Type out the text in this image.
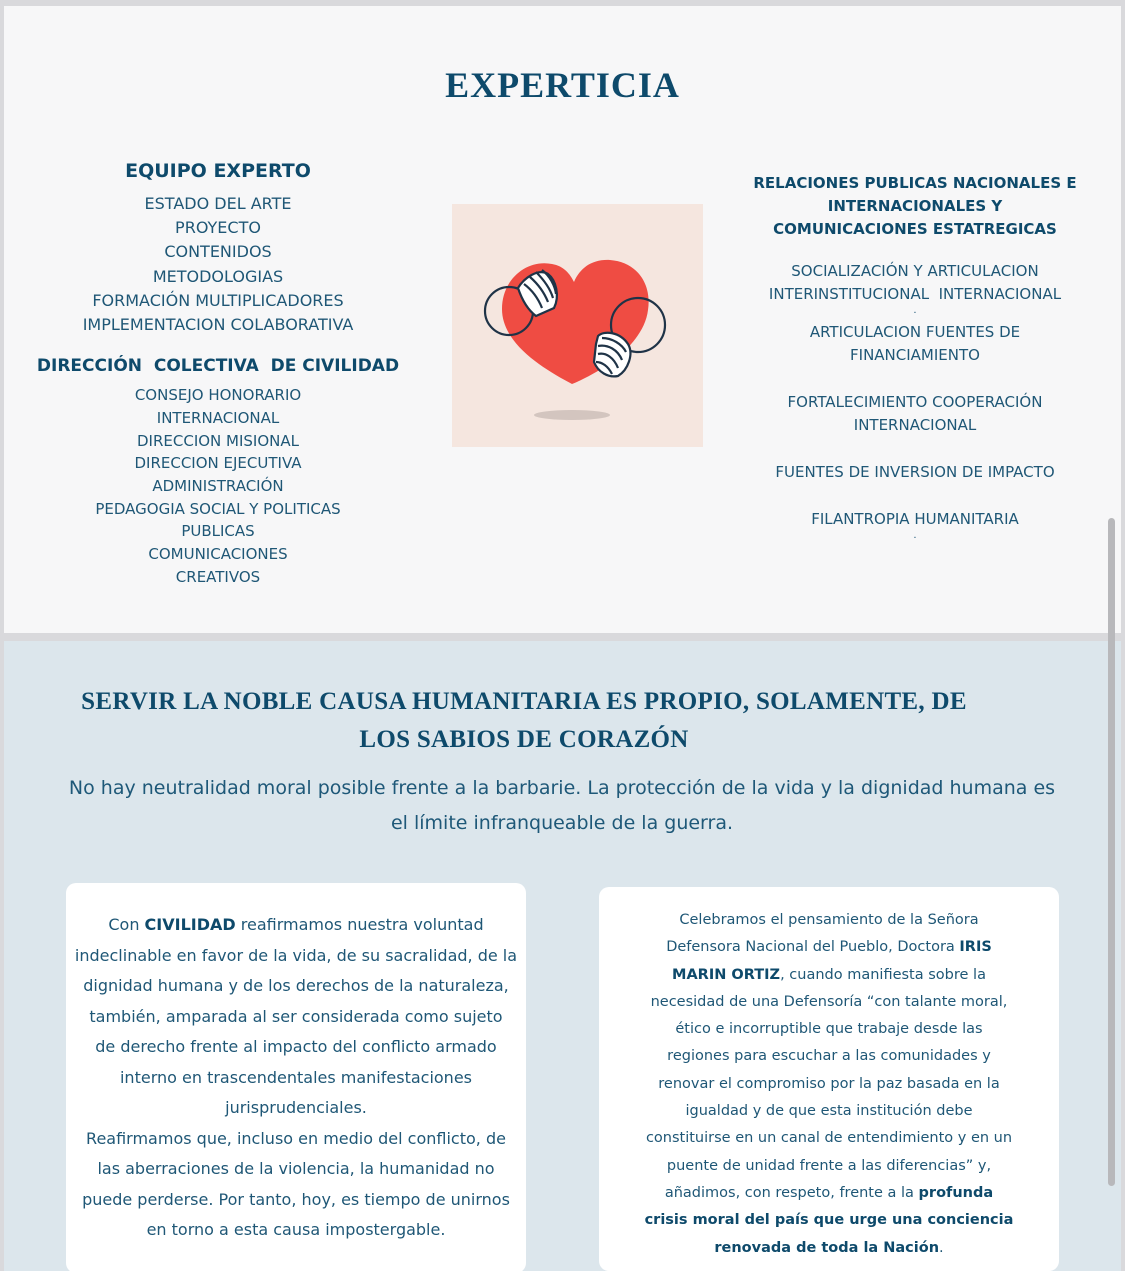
EXPERTICIA
EQUIPO EXPERTO
ESTADO DEL ARTE
PROYECTO
CONTENIDOS
METODOLOGIAS
FORMACIÓN MULTIPLICADORES
IMPLEMENTACION COLABORATIVA
DIRECCIÓN  COLECTIVA  DE CIVILIDAD
CONSEJO HONORARIO
INTERNACIONAL
DIRECCION MISIONAL
DIRECCION EJECUTIVA
ADMINISTRACIÓN
PEDAGOGIA SOCIAL Y POLITICAS
PUBLICAS
COMUNICACIONES
CREATIVOS
RELACIONES PUBLICAS NACIONALES E
INTERNACIONALES Y
COMUNICACIONES ESTATREGICAS
SOCIALIZACIÓN Y ARTICULACION
INTERINSTITUCIONAL  INTERNACIONAL
.
ARTICULACION FUENTES DE
FINANCIAMIENTO
FORTALECIMIENTO COOPERACIÓN
INTERNACIONAL
FUENTES DE INVERSION DE IMPACTO
FILANTROPIA HUMANITARIA
.
SERVIR LA NOBLE CAUSA HUMANITARIA ES PROPIO, SOLAMENTE, DE
LOS SABIOS DE CORAZÓN
No hay neutralidad moral posible frente a la barbarie. La protección de la vida y la dignidad humana es
el límite infranqueable de la guerra.
Con CIVILIDAD reafirmamos nuestra voluntad
indeclinable en favor de la vida, de su sacralidad, de la
dignidad humana y de los derechos de la naturaleza,
también, amparada al ser considerada como sujeto
de derecho frente al impacto del conflicto armado
interno en trascendentales manifestaciones
jurisprudenciales.
Reafirmamos que, incluso en medio del conflicto, de
las aberraciones de la violencia, la humanidad no
puede perderse. Por tanto, hoy, es tiempo de unirnos
en torno a esta causa impostergable.
Celebramos el pensamiento de la Señora
Defensora Nacional del Pueblo, Doctora IRIS
MARIN ORTIZ, cuando manifiesta sobre la
necesidad de una Defensoría “con talante moral,
ético e incorruptible que trabaje desde las
regiones para escuchar a las comunidades y
renovar el compromiso por la paz basada en la
igualdad y de que esta institución debe
constituirse en un canal de entendimiento y en un
puente de unidad frente a las diferencias” y,
añadimos, con respeto, frente a la profunda
crisis moral del país que urge una conciencia
renovada de toda la Nación.
